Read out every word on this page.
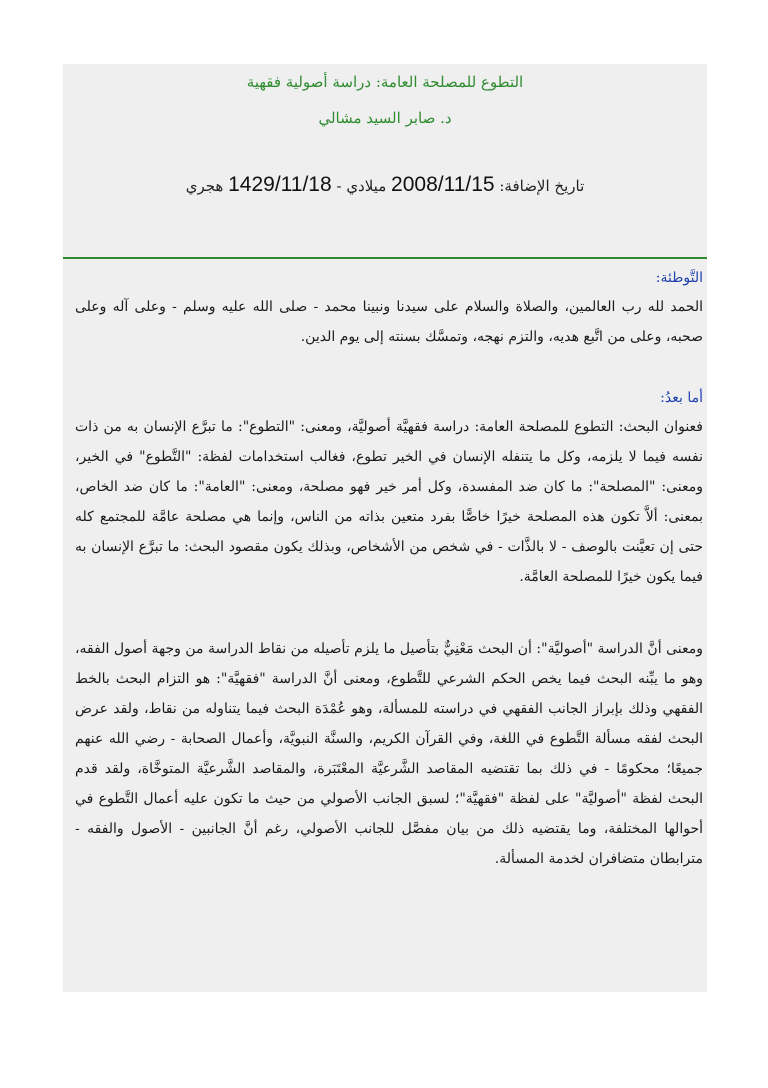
التطوع للمصلحة العامة: دراسة أصولية فقهية
د. صابر السيد مشالي
تاريخ الإضافة: 2008/11/15 ميلادي - 1429/11/18 هجري

التَّوطئة:

الحمد لله رب العالمين، والصلاة والسلام على سيدنا ونبينا محمد - صلى الله عليه وسلم - وعلى آله وعلى صحبه، وعلى من اتَّبع هديه، والتزم نهجه، وتمسَّك بسنته إلى يوم الدين.

أما بعدُ:

فعنوان البحث: التطوع للمصلحة العامة: دراسة فقهيَّة أصوليَّة، ومعنى: "التطوع": ما تبرَّع الإنسان به من ذات نفسه فيما لا يلزمه، وكل ما يتنفله الإنسان في الخير تطوع، فغالب استخدامات لفظة: "التَّطوع" في الخير، ومعنى: "المصلحة": ما كان ضد المفسدة، وكل أمر خير فهو مصلحة، ومعنى: "العامة": ما كان ضد الخاص، بمعنى: ألاَّ تكون هذه المصلحة خيرًا خاصًّا بفرد متعين بذاته من الناس، وإنما هي مصلحة عامَّة للمجتمع كله حتى إن تعيَّنت بالوصف - لا بالذَّات - في شخص من الأشخاص، وبذلك يكون مقصود البحث: ما تبرَّع الإنسان به فيما يكون خيرًا للمصلحة العامَّة.

ومعنى أنَّ الدراسة "أصوليَّة": أن البحث مَعْنِيٌّ بتأصيل ما يلزم تأصيله من نقاط الدراسة من وجهة أصول الفقه، وهو ما يبِّنه البحث فيما يخص الحكم الشرعي للتَّطوع، ومعنى أنَّ الدراسة "فقهيَّة": هو التزام البحث بالخط الفقهي وذلك بإبراز الجانب الفقهي في دراسته للمسألة، وهو عُمْدَة البحث فيما يتناوله من نقاط، ولقد عرض البحث لفقه مسألة التَّطوع في اللغة، وفي القرآن الكريم، والسنَّة النبويَّة، وأعمال الصحابة - رضي الله عنهم جميعًا؛ محكومًا - في ذلك بما تقتضيه المقاصد الشَّرعيَّة المعْتَبَرة، والمقاصد الشَّرعيَّة المتوخَّاة، ولقد قدم البحث لفظة "أصوليَّة" على لفظة "فقهيَّة"؛ لسبق الجانب الأصولي من حيث ما تكون عليه أعمال التَّطوع في أحوالها المختلفة، وما يقتضيه ذلك من بيان مفصَّل للجانب الأصولي، رغم أنَّ الجانبين - الأصول والفقه - مترابطان متضافران لخدمة المسألة.
